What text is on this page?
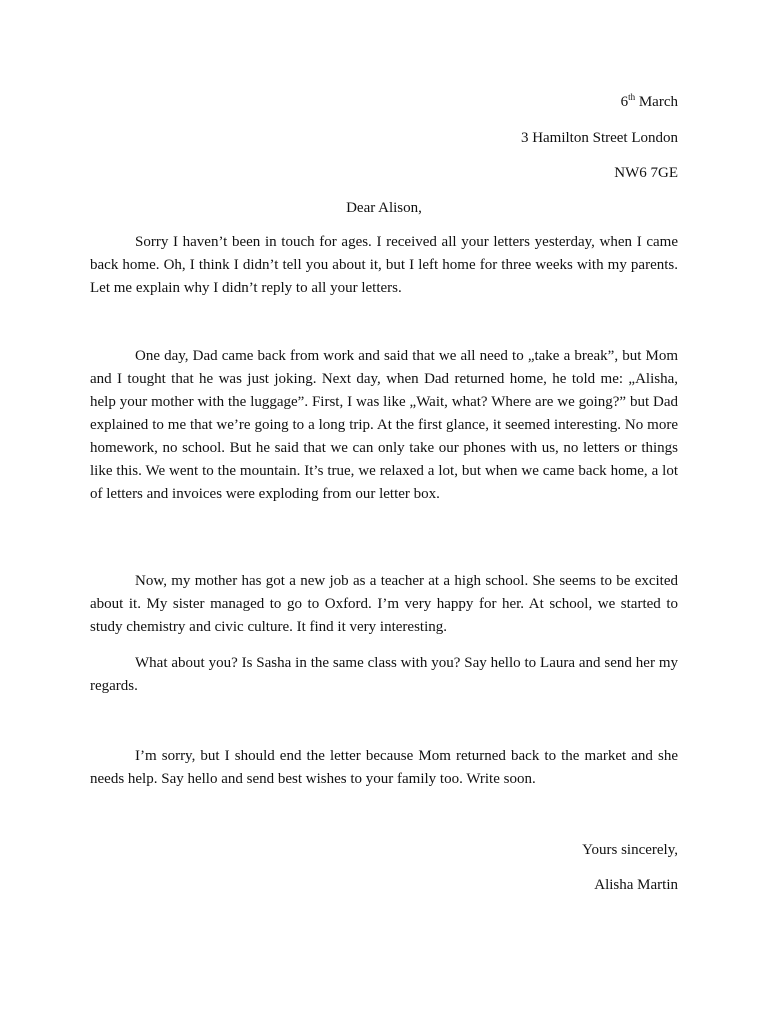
6th March

3 Hamilton Street London

NW6 7GE

Dear Alison,

Sorry I haven’t been in touch for ages. I received all your letters yesterday, when I came back home. Oh, I think I didn’t tell you about it, but I left home for three weeks with my parents. Let me explain why I didn’t reply to all your letters.

One day, Dad came back from work and said that we all need to „take a break”, but Mom and I tought that he was just joking. Next day, when Dad returned home, he told me: „Alisha, help your mother with the luggage”. First, I was like „Wait, what? Where are we going?” but Dad explained to me that we’re going to a long trip. At the first glance, it seemed interesting. No more homework, no school. But he said that we can only take our phones with us, no letters or things like this. We went to the mountain. It’s true, we relaxed a lot, but when we came back home, a lot of letters and invoices were exploding from our letter box.

Now, my mother has got a new job as a teacher at a high school. She seems to be excited about it. My sister managed to go to Oxford. I’m very happy for her. At school, we started to study chemistry and civic culture. It find it very interesting.

What about you? Is Sasha in the same class with you? Say hello to Laura and send her my regards.

I’m sorry, but I should end the letter because Mom returned back to the market and she needs help. Say hello and send best wishes to your family too. Write soon.

Yours sincerely,

Alisha Martin
